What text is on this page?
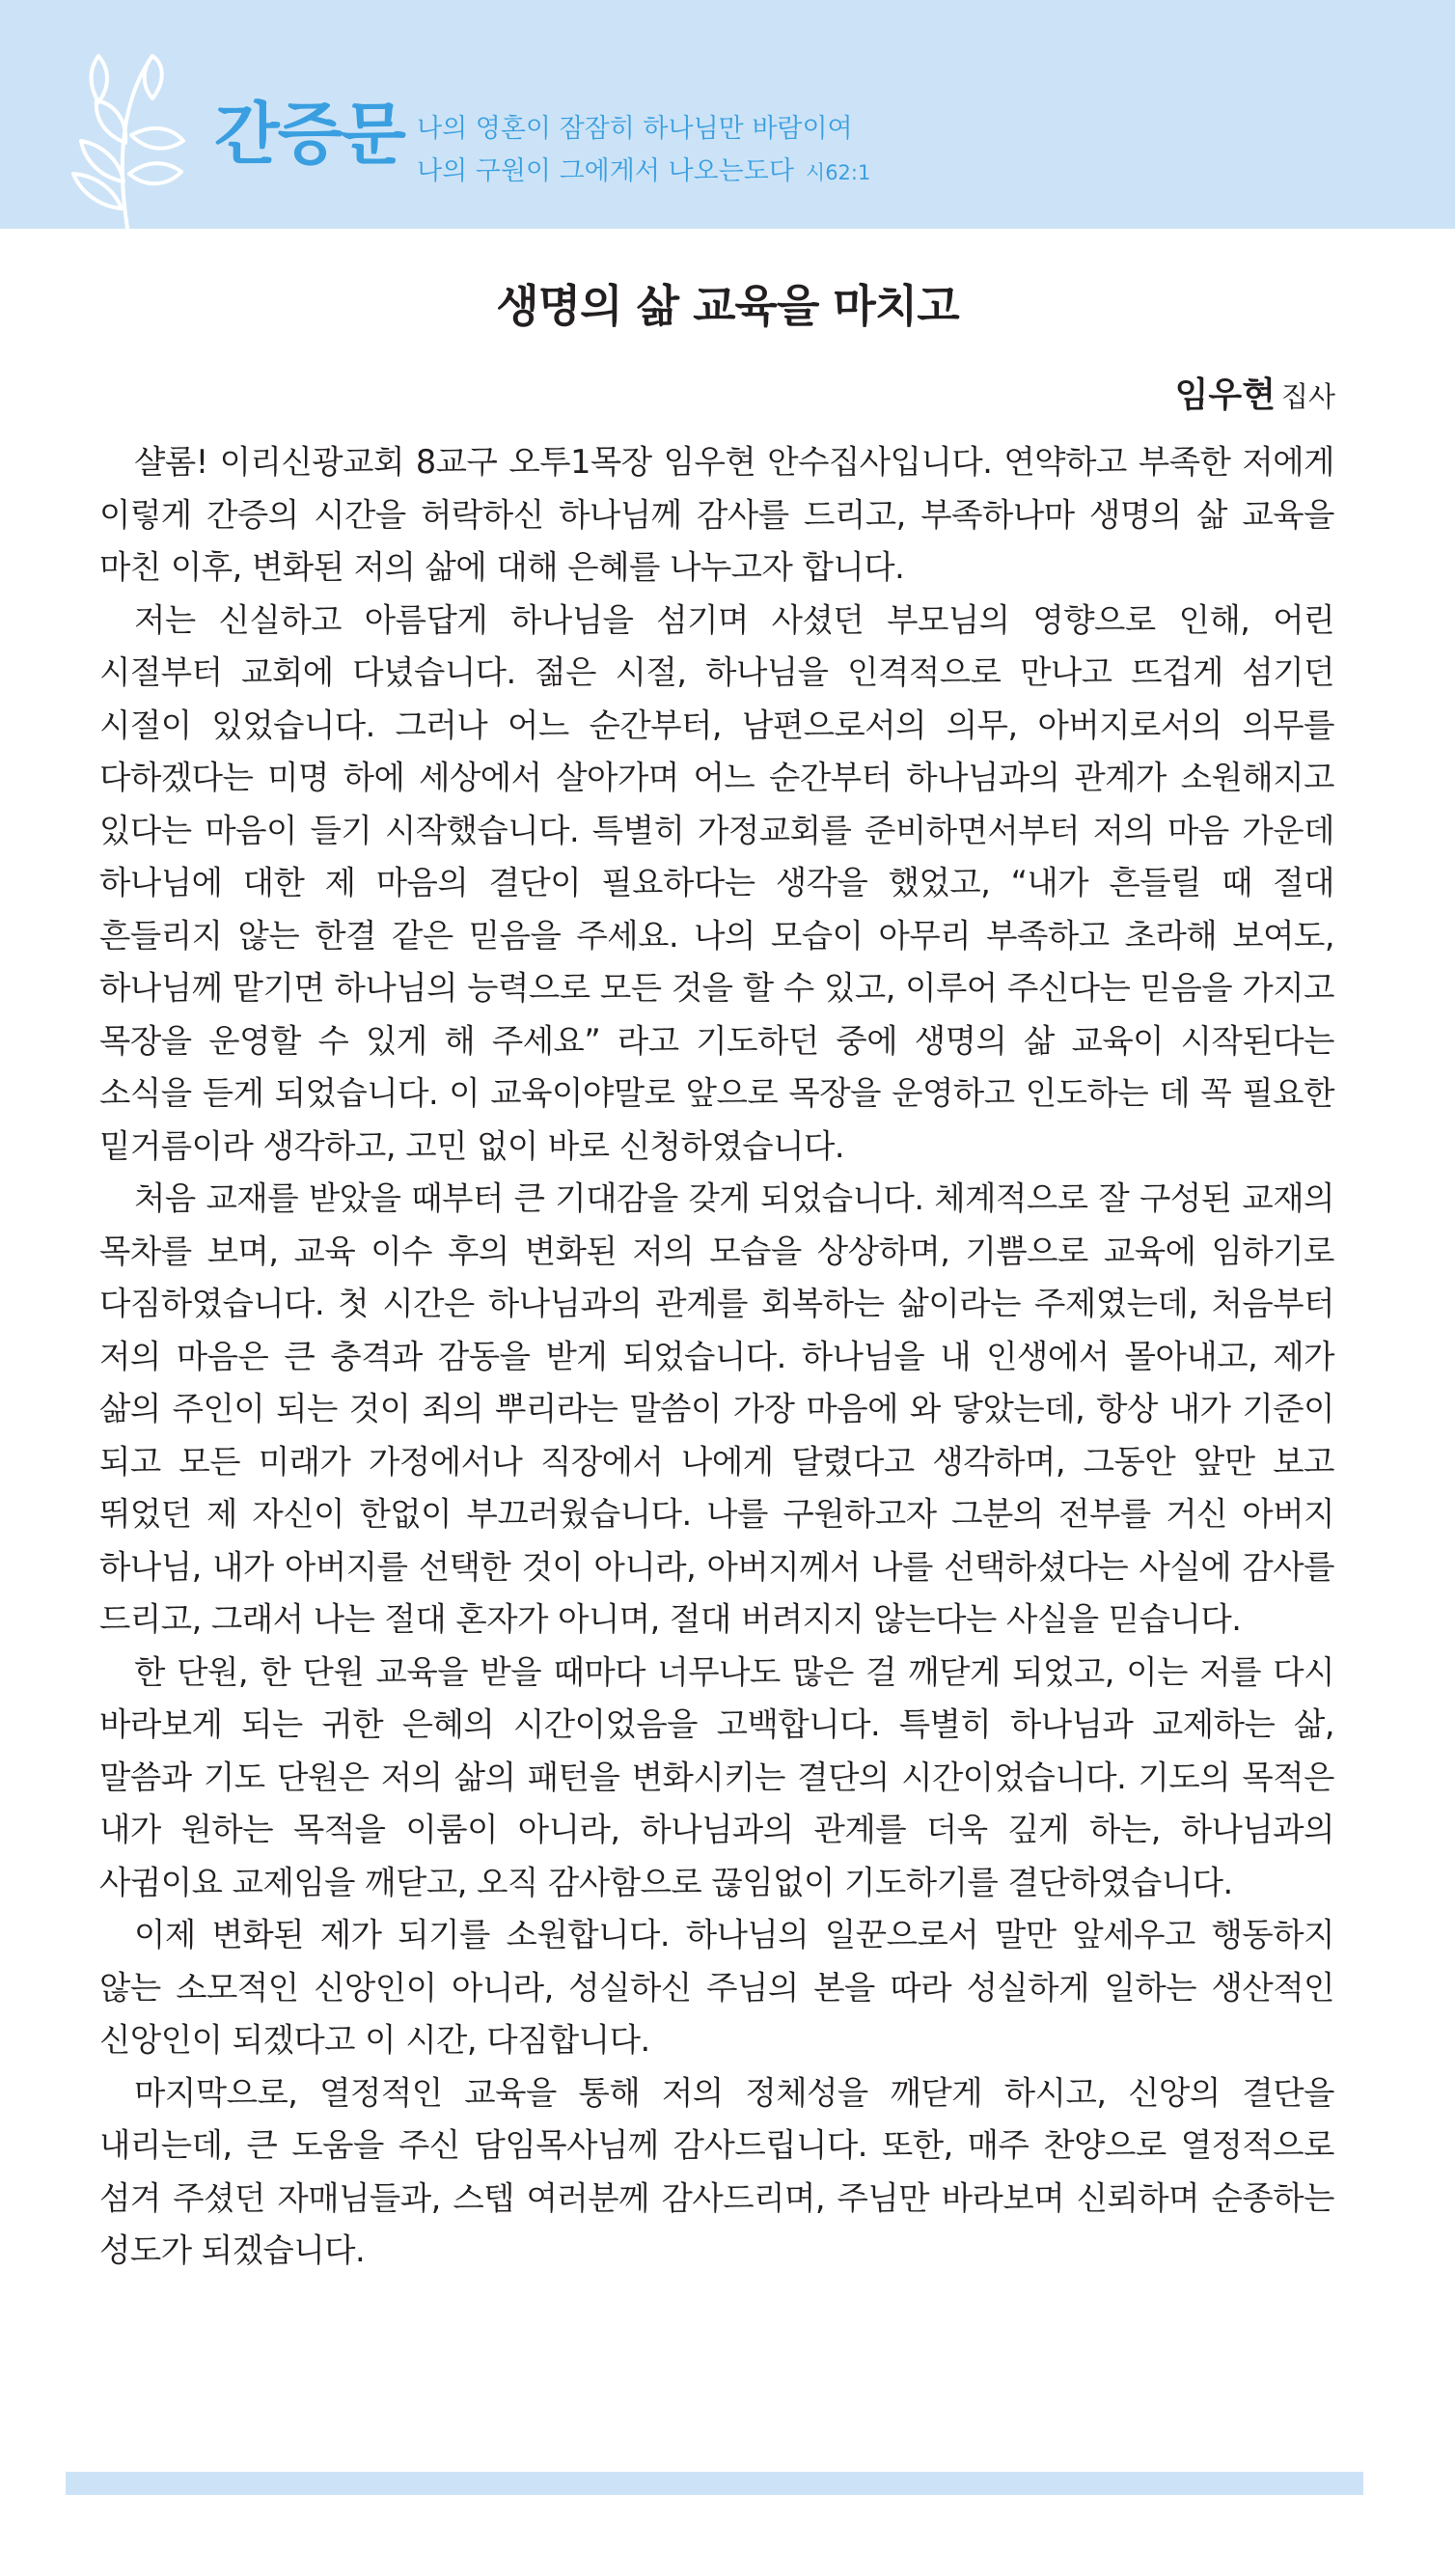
간증문 나의 영혼이 잠잠히 하나님만 바람이여
나의 구원이 그에게서 나오는도다 시62:1
생명의 삶 교육을 마치고
임우현 집사

샬롬! 이리신광교회 8교구 오투1목장 임우현 안수집사입니다. 연약하고 부족한 저에게 이렇게 간증의 시간을 허락하신 하나님께 감사를 드리고, 부족하나마 생명의 삶 교육을 마친 이후, 변화된 저의 삶에 대해 은혜를 나누고자 합니다.

저는 신실하고 아름답게 하나님을 섬기며 사셨던 부모님의 영향으로 인해, 어린 시절부터 교회에 다녔습니다. 젊은 시절, 하나님을 인격적으로 만나고 뜨겁게 섬기던 시절이 있었습니다. 그러나 어느 순간부터, 남편으로서의 의무, 아버지로서의 의무를 다하겠다는 미명 하에 세상에서 살아가며 어느 순간부터 하나님과의 관계가 소원해지고 있다는 마음이 들기 시작했습니다. 특별히 가정교회를 준비하면서부터 저의 마음 가운데 하나님에 대한 제 마음의 결단이 필요하다는 생각을 했었고, “내가 흔들릴 때 절대 흔들리지 않는 한결 같은 믿음을 주세요. 나의 모습이 아무리 부족하고 초라해 보여도, 하나님께 맡기면 하나님의 능력으로 모든 것을 할 수 있고, 이루어 주신다는 믿음을 가지고 목장을 운영할 수 있게 해 주세요” 라고 기도하던 중에 생명의 삶 교육이 시작된다는 소식을 듣게 되었습니다. 이 교육이야말로 앞으로 목장을 운영하고 인도하는 데 꼭 필요한 밑거름이라 생각하고, 고민 없이 바로 신청하였습니다.

처음 교재를 받았을 때부터 큰 기대감을 갖게 되었습니다. 체계적으로 잘 구성된 교재의 목차를 보며, 교육 이수 후의 변화된 저의 모습을 상상하며, 기쁨으로 교육에 임하기로 다짐하였습니다. 첫 시간은 하나님과의 관계를 회복하는 삶이라는 주제였는데, 처음부터 저의 마음은 큰 충격과 감동을 받게 되었습니다. 하나님을 내 인생에서 몰아내고, 제가 삶의 주인이 되는 것이 죄의 뿌리라는 말씀이 가장 마음에 와 닿았는데, 항상 내가 기준이 되고 모든 미래가 가정에서나 직장에서 나에게 달렸다고 생각하며, 그동안 앞만 보고 뛰었던 제 자신이 한없이 부끄러웠습니다. 나를 구원하고자 그분의 전부를 거신 아버지 하나님, 내가 아버지를 선택한 것이 아니라, 아버지께서 나를 선택하셨다는 사실에 감사를 드리고, 그래서 나는 절대 혼자가 아니며, 절대 버려지지 않는다는 사실을 믿습니다.

한 단원, 한 단원 교육을 받을 때마다 너무나도 많은 걸 깨닫게 되었고, 이는 저를 다시 바라보게 되는 귀한 은혜의 시간이었음을 고백합니다. 특별히 하나님과 교제하는 삶, 말씀과 기도 단원은 저의 삶의 패턴을 변화시키는 결단의 시간이었습니다. 기도의 목적은 내가 원하는 목적을 이룸이 아니라, 하나님과의 관계를 더욱 깊게 하는, 하나님과의 사귐이요 교제임을 깨닫고, 오직 감사함으로 끊임없이 기도하기를 결단하였습니다.

이제 변화된 제가 되기를 소원합니다. 하나님의 일꾼으로서 말만 앞세우고 행동하지 않는 소모적인 신앙인이 아니라, 성실하신 주님의 본을 따라 성실하게 일하는 생산적인 신앙인이 되겠다고 이 시간, 다짐합니다.

마지막으로, 열정적인 교육을 통해 저의 정체성을 깨닫게 하시고, 신앙의 결단을 내리는데, 큰 도움을 주신 담임목사님께 감사드립니다. 또한, 매주 찬양으로 열정적으로 섬겨 주셨던 자매님들과, 스텝 여러분께 감사드리며, 주님만 바라보며 신뢰하며 순종하는 성도가 되겠습니다.
